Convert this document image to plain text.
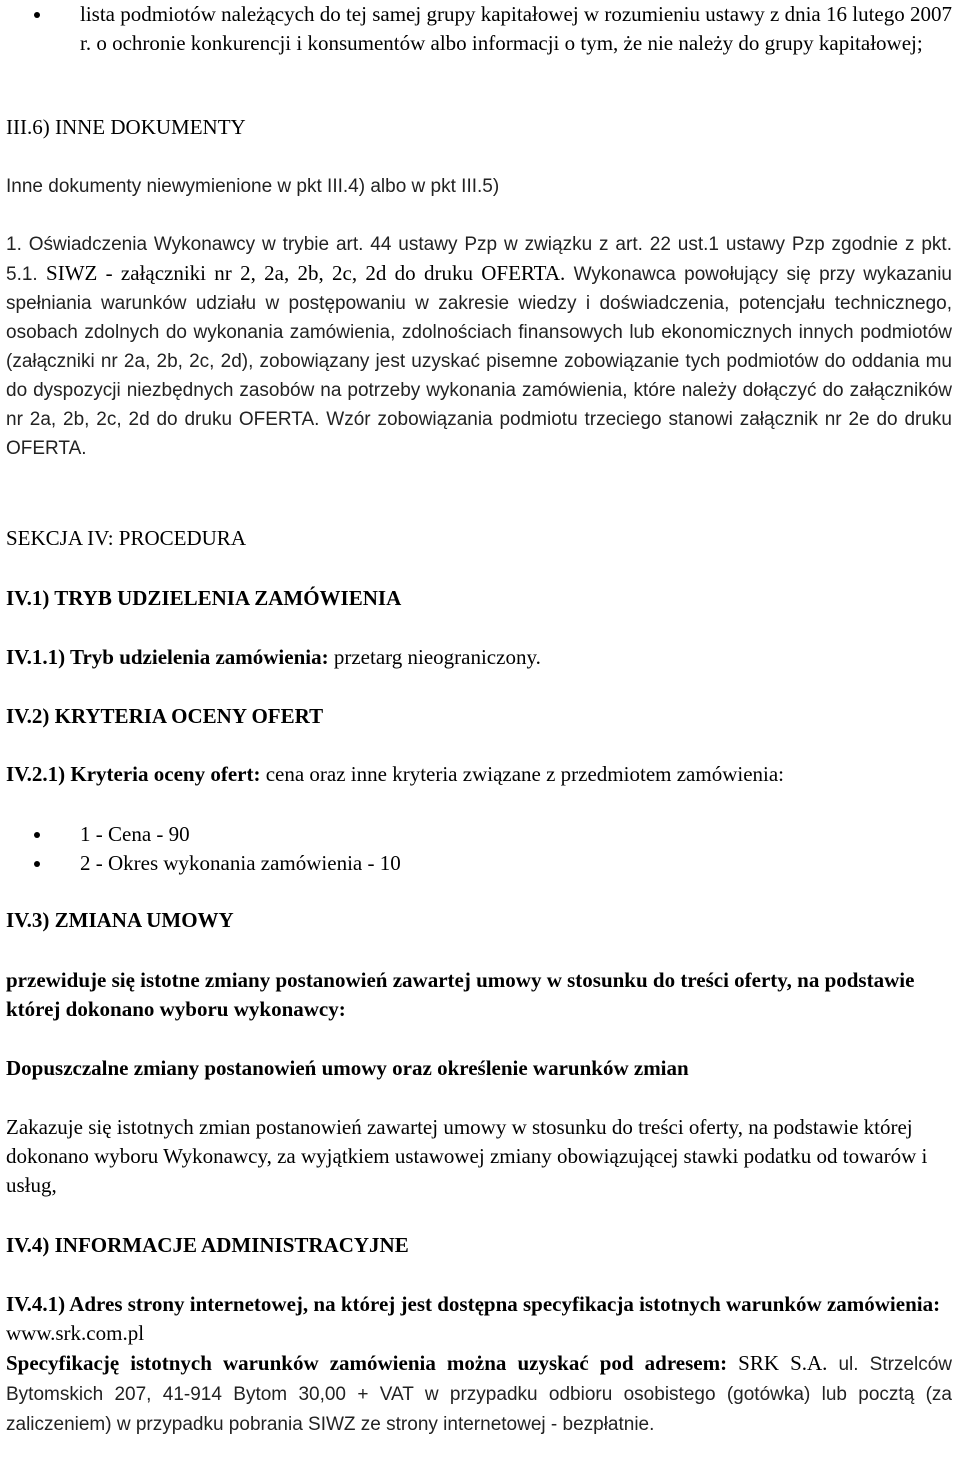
lista podmiotów należących do tej samej grupy kapitałowej w rozumieniu ustawy z dnia 16 lutego 2007 r. o ochronie konkurencji i konsumentów albo informacji o tym, że nie należy do grupy kapitałowej;

III.6) INNE DOKUMENTY

Inne dokumenty niewymienione w pkt III.4) albo w pkt III.5)

1. Oświadczenia Wykonawcy w trybie art. 44 ustawy Pzp w związku z art. 22 ust.1 ustawy Pzp zgodnie z pkt. 5.1. SIWZ - załączniki nr 2, 2a, 2b, 2c, 2d do druku OFERTA. Wykonawca powołujący się przy wykazaniu spełniania warunków udziału w postępowaniu w zakresie wiedzy i doświadczenia, potencjału technicznego, osobach zdolnych do wykonania zamówienia, zdolnościach finansowych lub ekonomicznych innych podmiotów (załączniki nr 2a, 2b, 2c, 2d), zobowiązany jest uzyskać pisemne zobowiązanie tych podmiotów do oddania mu do dyspozycji niezbędnych zasobów na potrzeby wykonania zamówienia, które należy dołączyć do załączników nr 2a, 2b, 2c, 2d do druku OFERTA. Wzór zobowiązania podmiotu trzeciego stanowi załącznik nr 2e do druku OFERTA.

SEKCJA IV: PROCEDURA

IV.1) TRYB UDZIELENIA ZAMÓWIENIA

IV.1.1) Tryb udzielenia zamówienia: przetarg nieograniczony.

IV.2) KRYTERIA OCENY OFERT

IV.2.1) Kryteria oceny ofert: cena oraz inne kryteria związane z przedmiotem zamówienia:

1 - Cena - 90
2 - Okres wykonania zamówienia - 10

IV.3) ZMIANA UMOWY

przewiduje się istotne zmiany postanowień zawartej umowy w stosunku do treści oferty, na podstawie której dokonano wyboru wykonawcy:

Dopuszczalne zmiany postanowień umowy oraz określenie warunków zmian

Zakazuje się istotnych zmian postanowień zawartej umowy w stosunku do treści oferty, na podstawie której dokonano wyboru Wykonawcy, za wyjątkiem ustawowej zmiany obowiązującej stawki podatku od towarów i usług,

IV.4) INFORMACJE ADMINISTRACYJNE

IV.4.1) Adres strony internetowej, na której jest dostępna specyfikacja istotnych warunków zamówienia: www.srk.com.pl

Specyfikację istotnych warunków zamówienia można uzyskać pod adresem: SRK S.A. ul. Strzelców Bytomskich 207, 41-914 Bytom 30,00 + VAT w przypadku odbioru osobistego (gotówka) lub pocztą (za zaliczeniem) w przypadku pobrania SIWZ ze strony internetowej - bezpłatnie.
